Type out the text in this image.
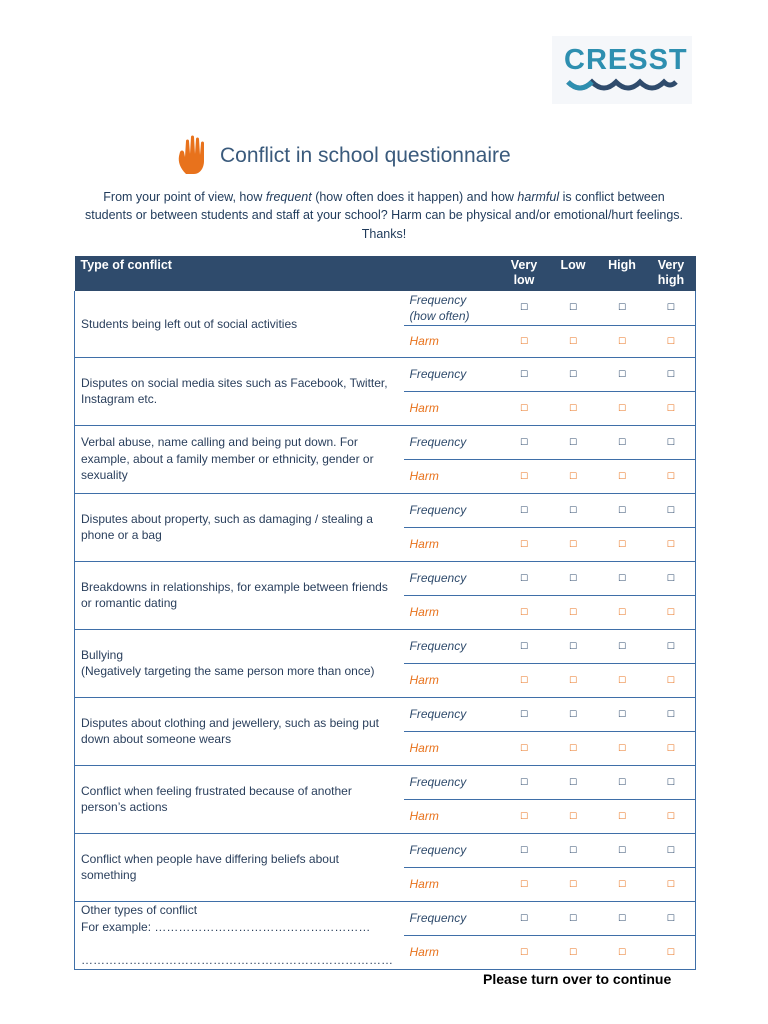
CRESST
Conflict in school questionnaire
From your point of view, how frequent (how often does it happen) and how harmful is conflict between students or between students and staff at your school? Harm can be physical and/or emotional/hurt feelings. Thanks!
Type of conflict		Very low	Low	High	Very high
Students being left out of social activities	Frequency (how often)	☐	☐	☐	☐
	Harm	☐	☐	☐	☐
Disputes on social media sites such as Facebook, Twitter, Instagram etc.	Frequency	☐	☐	☐	☐
	Harm	☐	☐	☐	☐
Verbal abuse, name calling and being put down. For example, about a family member or ethnicity, gender or sexuality	Frequency	☐	☐	☐	☐
	Harm	☐	☐	☐	☐
Disputes about property, such as damaging / stealing a phone or a bag	Frequency	☐	☐	☐	☐
	Harm	☐	☐	☐	☐
Breakdowns in relationships, for example between friends or romantic dating	Frequency	☐	☐	☐	☐
	Harm	☐	☐	☐	☐
Bullying
(Negatively targeting the same person more than once)	Frequency	☐	☐	☐	☐
	Harm	☐	☐	☐	☐
Disputes about clothing and jewellery, such as being put down about someone wears	Frequency	☐	☐	☐	☐
	Harm	☐	☐	☐	☐
Conflict when feeling frustrated because of another person’s actions	Frequency	☐	☐	☐	☐
	Harm	☐	☐	☐	☐
Conflict when people have differing beliefs about something	Frequency	☐	☐	☐	☐
	Harm	☐	☐	☐	☐
Other types of conflict
For example: ………………………………………………

……………………………………………………………………	Frequency	☐	☐	☐	☐
	Harm	☐	☐	☐	☐
Please turn over to continue
